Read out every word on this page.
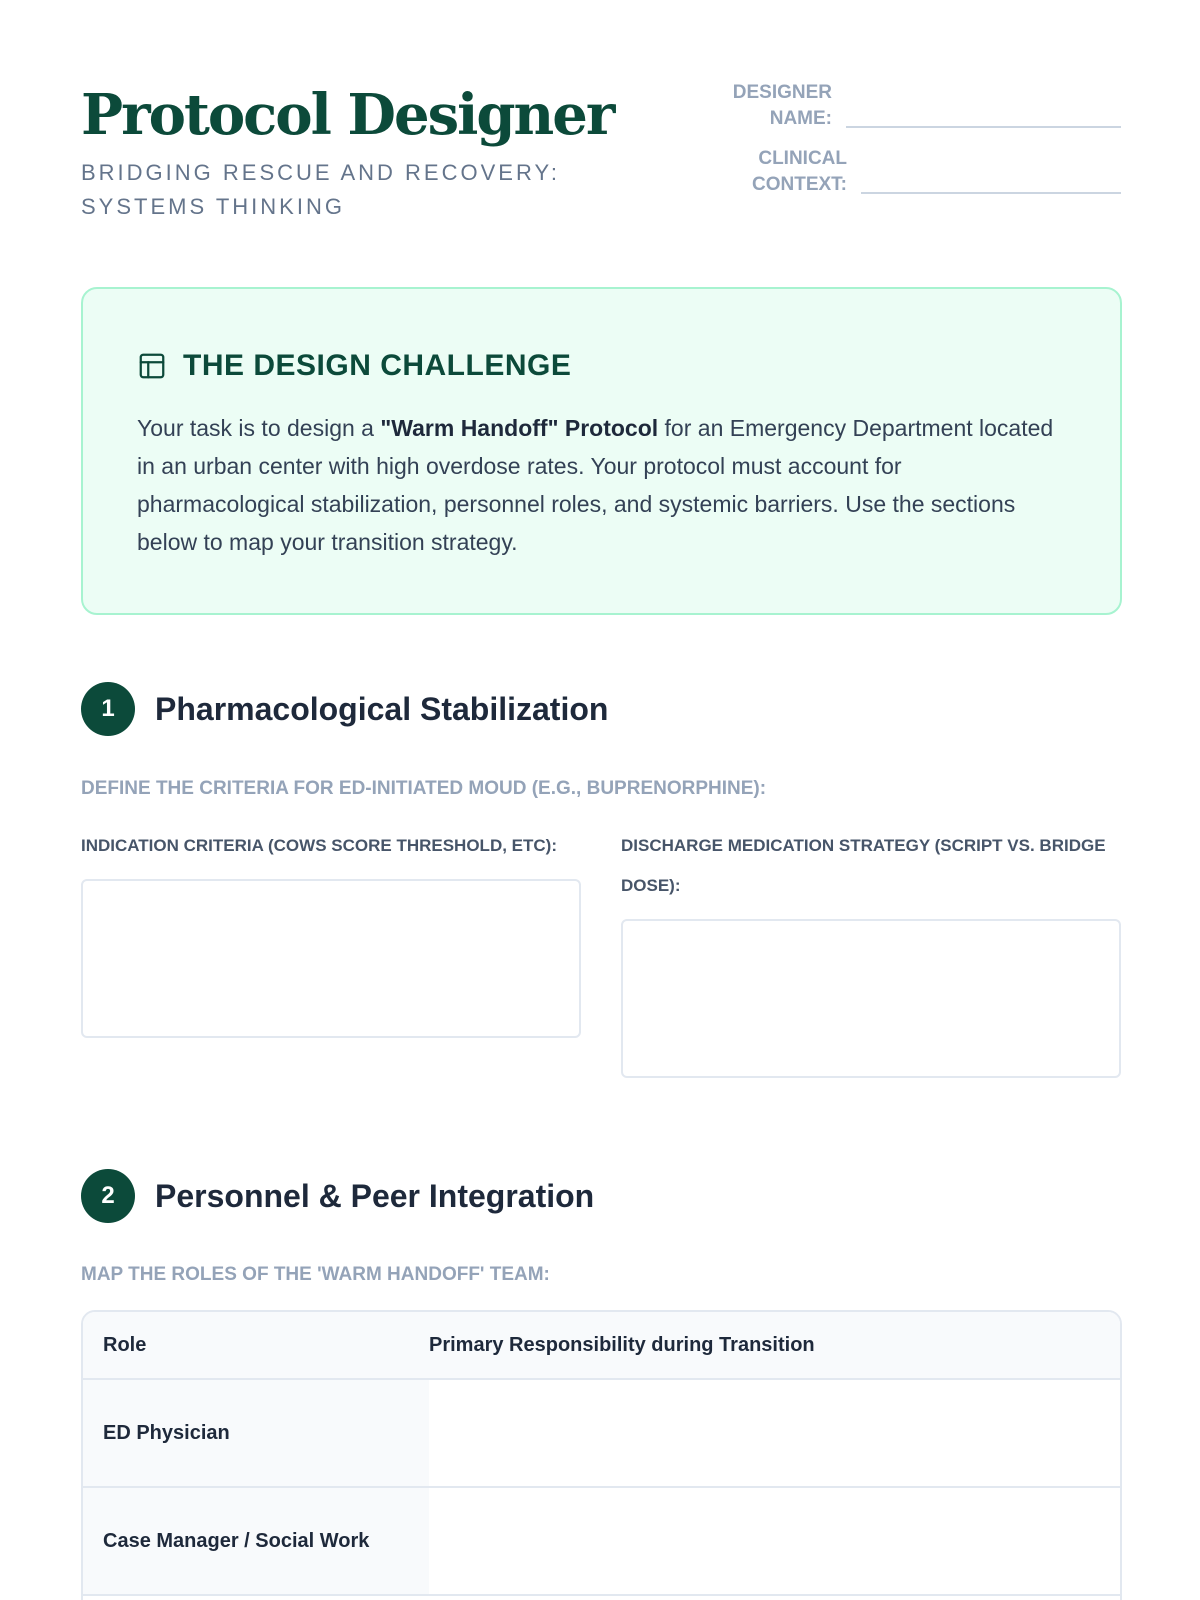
Protocol Designer
BRIDGING RESCUE AND RECOVERY: SYSTEMS THINKING
DESIGNER NAME:
CLINICAL CONTEXT:
THE DESIGN CHALLENGE

Your task is to design a "Warm Handoff" Protocol for an Emergency Department located in an urban center with high overdose rates. Your protocol must account for pharmacological stabilization, personnel roles, and systemic barriers. Use the sections below to map your transition strategy.

1	Pharmacological Stabilization
DEFINE THE CRITERIA FOR ED-INITIATED MOUD (E.G., BUPRENORPHINE):
INDICATION CRITERIA (COWS SCORE THRESHOLD, ETC):	DISCHARGE MEDICATION STRATEGY (SCRIPT VS. BRIDGE DOSE):
2	Personnel & Peer Integration
MAP THE ROLES OF THE 'WARM HANDOFF' TEAM:
Role	Primary Responsibility during Transition
ED Physician
Case Manager / Social Work
